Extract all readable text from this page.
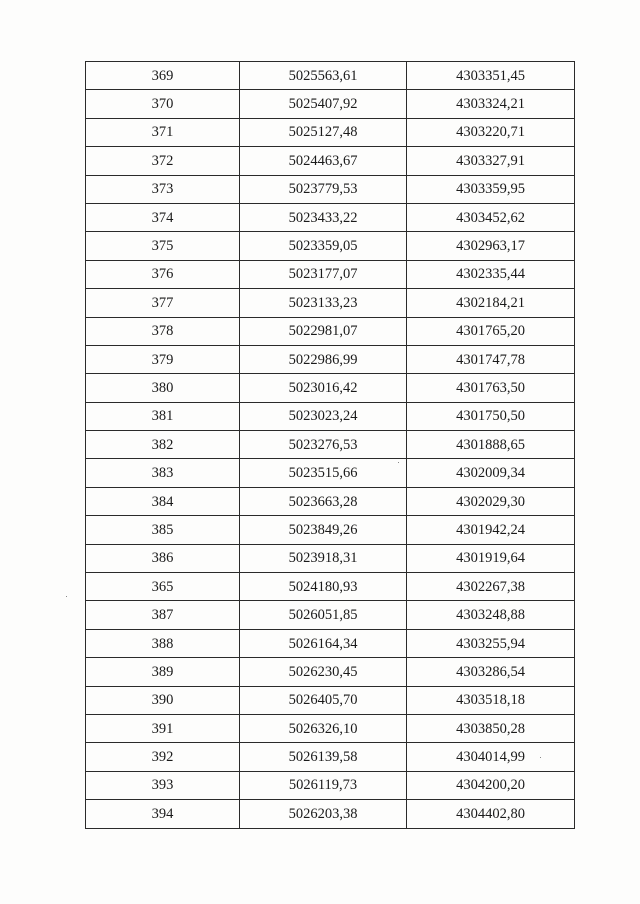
369	5025563,61	4303351,45
370	5025407,92	4303324,21
371	5025127,48	4303220,71
372	5024463,67	4303327,91
373	5023779,53	4303359,95
374	5023433,22	4303452,62
375	5023359,05	4302963,17
376	5023177,07	4302335,44
377	5023133,23	4302184,21
378	5022981,07	4301765,20
379	5022986,99	4301747,78
380	5023016,42	4301763,50
381	5023023,24	4301750,50
382	5023276,53	4301888,65
383	5023515,66	4302009,34
384	5023663,28	4302029,30
385	5023849,26	4301942,24
386	5023918,31	4301919,64
365	5024180,93	4302267,38
387	5026051,85	4303248,88
388	5026164,34	4303255,94
389	5026230,45	4303286,54
390	5026405,70	4303518,18
391	5026326,10	4303850,28
392	5026139,58	4304014,99
393	5026119,73	4304200,20
394	5026203,38	4304402,80
